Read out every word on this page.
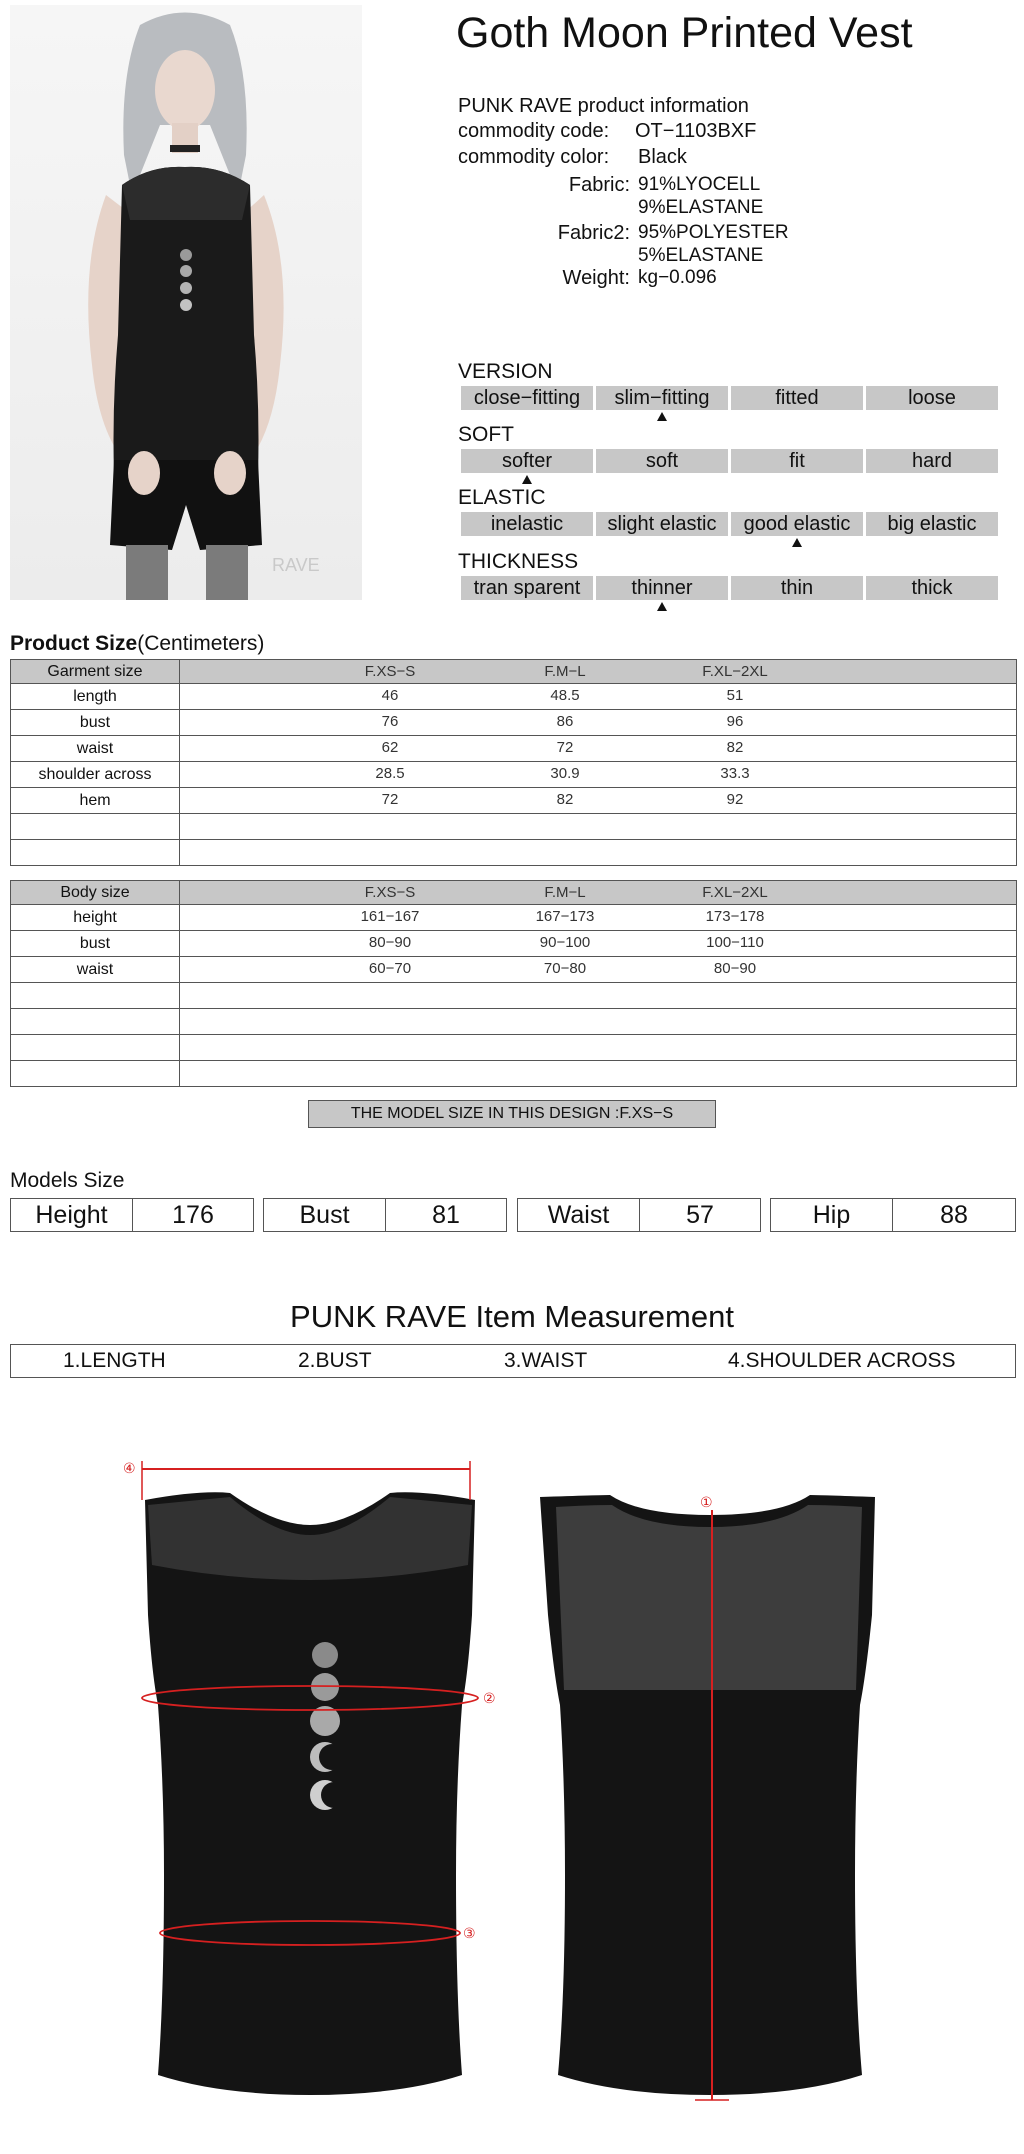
RAVE
Goth Moon Printed Vest
PUNK RAVE product information
commodity code: OT−1103BXF
commodity color: Black
Fabric: 91%LYOCELL
9%ELASTANE
Fabric2: 95%POLYESTER
5%ELASTANE
Weight: kg−0.096
VERSION
close−fitting	slim−fitting	fitted	loose
SOFT
softer	soft	fit	hard
ELASTIC
inelastic	slight elastic	good elastic	big elastic
THICKNESS
tran sparent	thinner	thin	thick
Product Size(Centimeters)
Garment size	F.XS−S F.M−L F.XL−2XL

length	46 48.5 51

bust	76 86 96

waist	62 72 82

shoulder across	28.5 30.9 33.3

hem	72 82 92

Body size	F.XS−S F.M−L F.XL−2XL

height	161−167 167−173 173−178

bust	80−90 90−100 100−110

waist	60−70 70−80 80−90

THE MODEL SIZE IN THIS DESIGN :F.XS−S
Models Size
Height	176	Bust	81	Waist	57	Hip	88
PUNK RAVE Item Measurement
1.LENGTH	2.BUST	3.WAIST	4.SHOULDER ACROSS
④
②
③
①
